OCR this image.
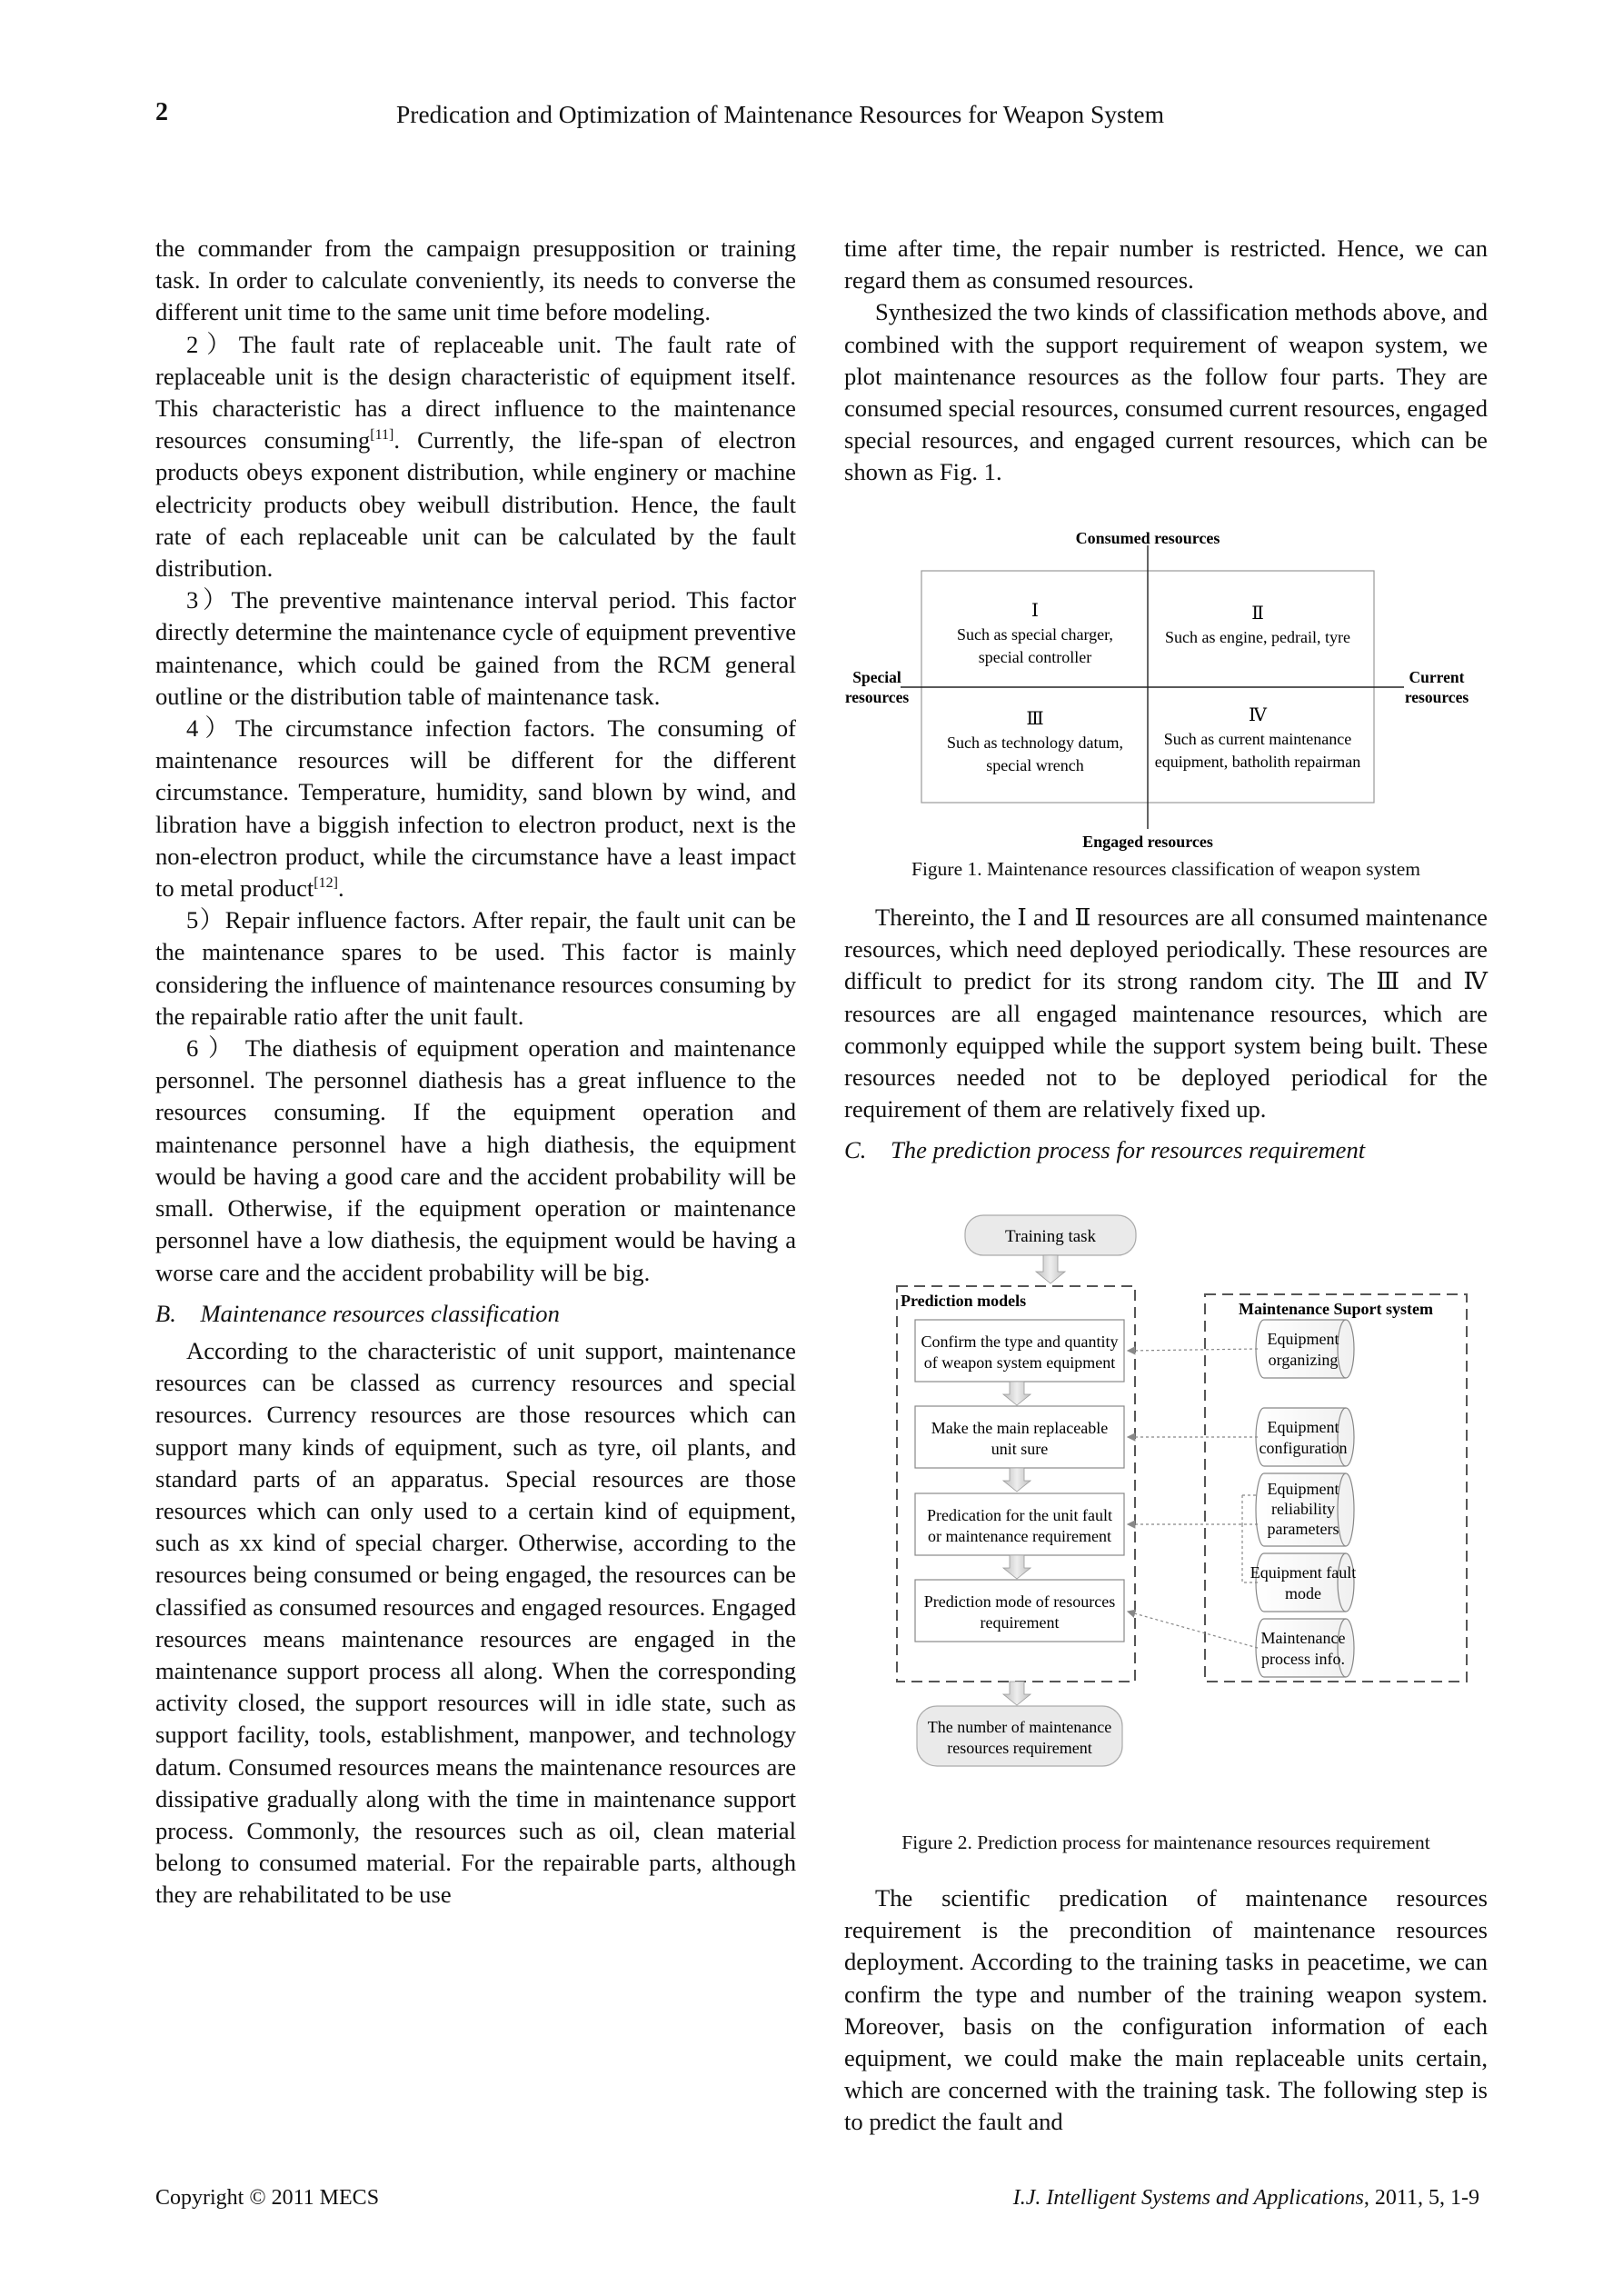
2	Predication and Optimization of Maintenance Resources for Weapon System

the commander from the campaign presupposition or training task. In order to calculate conveniently, its needs to converse the different unit time to the same unit time before modeling.

2）The fault rate of replaceable unit. The fault rate of replaceable unit is the design characteristic of equipment itself. This characteristic has a direct influence to the maintenance resources consuming[11]. Currently, the life-span of electron products obeys exponent distribution, while enginery or machine electricity products obey weibull distribution. Hence, the fault rate of each replaceable unit can be calculated by the fault distribution.

3）The preventive maintenance interval period. This factor directly determine the maintenance cycle of equipment preventive maintenance, which could be gained from the RCM general outline or the distribution table of maintenance task.

4）The circumstance infection factors. The consuming of maintenance resources will be different for the different circumstance. Temperature, humidity, sand blown by wind, and libration have a biggish infection to electron product, next is the non-electron product, while the circumstance have a least impact to metal product[12].

5）Repair influence factors. After repair, the fault unit can be the maintenance spares to be used. This factor is mainly considering the influence of maintenance resources consuming by the repairable ratio after the unit fault.

6 ） The diathesis of equipment operation and maintenance personnel. The personnel diathesis has a great influence to the resources consuming. If the equipment operation and maintenance personnel have a high diathesis, the equipment would be having a good care and the accident probability will be small. Otherwise, if the equipment operation or maintenance personnel have a low diathesis, the equipment would be having a worse care and the accident probability will be big.

B.    Maintenance resources classification

According to the characteristic of unit support, maintenance resources can be classed as currency resources and special resources. Currency resources are those resources which can support many kinds of equipment, such as tyre, oil plants, and standard parts of an apparatus. Special resources are those resources which can only used to a certain kind of equipment, such as xx kind of special charger. Otherwise, according to the resources being consumed or being engaged, the resources can be classified as consumed resources and engaged resources. Engaged resources means maintenance resources are engaged in the maintenance support process all along. When the corresponding activity closed, the support resources will in idle state, such as support facility, tools, establishment, manpower, and technology datum. Consumed resources means the maintenance resources are dissipative gradually along with the time in maintenance support process. Commonly, the resources such as oil, clean material belong to consumed material. For the repairable parts, although they are rehabilitated to be use

time after time, the repair number is restricted. Hence, we can regard them as consumed resources.

Synthesized the two kinds of classification methods above, and combined with the support requirement of weapon system, we plot maintenance resources as the follow four parts. They are consumed special resources, consumed current resources, engaged special resources, and engaged current resources, which can be shown as Fig. 1.

Consumed resources
Engaged resources
Special
resources
Current
resources
Ⅰ
Such as special charger,
special controller
Ⅱ
Such as engine, pedrail, tyre
Ⅲ
Such as technology datum,
special wrench
Ⅳ
Such as current maintenance
equipment, batholith repairman
Figure 1. Maintenance resources classification of weapon system

Thereinto, the Ⅰ and Ⅱ resources are all consumed maintenance resources, which need deployed periodically. These resources are difficult to predict for its strong random city. The Ⅲ and Ⅳ resources are all engaged maintenance resources, which are commonly equipped while the support system being built. These resources needed not to be deployed periodical for the requirement of them are relatively fixed up.

C.    The prediction process for resources requirement

Training task
Prediction models	Maintenance Suport system
Confirm the type and quantity
of weapon system equipment
Make the main replaceable
unit sure
Predication for the unit fault
or maintenance requirement
Prediction mode of resources
requirement
The number of maintenance
resources requirement
Equipment
organizing
Equipment
configuration
Equipment
reliability
parameters
Equipment fault
mode
Maintenance
process info.
Figure 2. Prediction process for maintenance resources requirement

The scientific predication of maintenance resources requirement is the precondition of maintenance resources deployment. According to the training tasks in peacetime, we can confirm the type and number of the training weapon system. Moreover, basis on the configuration information of each equipment, we could make the main replaceable units certain, which are concerned with the training task. The following step is to predict the fault and

Copyright © 2011 MECS	I.J. Intelligent Systems and Applications, 2011, 5, 1-9
